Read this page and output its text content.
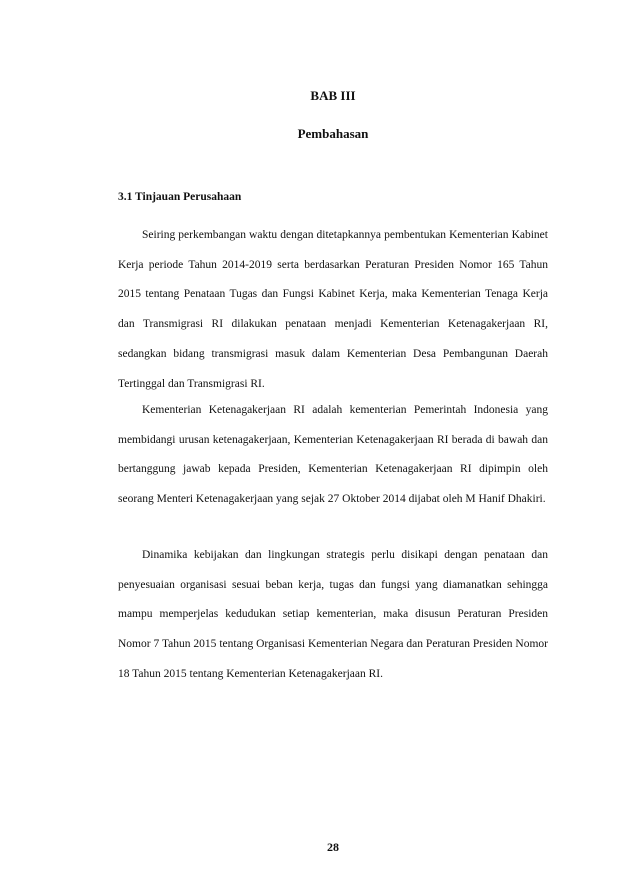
BAB III
Pembahasan
3.1 Tinjauan Perusahaan

Seiring perkembangan waktu dengan ditetapkannya pembentukan Kementerian Kabinet Kerja periode Tahun 2014-2019 serta berdasarkan Peraturan Presiden Nomor 165 Tahun 2015 tentang Penataan Tugas dan Fungsi Kabinet Kerja, maka Kementerian Tenaga Kerja dan Transmigrasi RI dilakukan penataan menjadi Kementerian Ketenagakerjaan RI, sedangkan bidang transmigrasi masuk dalam Kementerian Desa Pembangunan Daerah Tertinggal dan Transmigrasi RI.

Kementerian Ketenagakerjaan RI adalah kementerian Pemerintah Indonesia yang membidangi urusan ketenagakerjaan, Kementerian Ketenagakerjaan RI berada di bawah dan bertanggung jawab kepada Presiden, Kementerian Ketenagakerjaan RI dipimpin oleh seorang Menteri Ketenagakerjaan yang sejak 27 Oktober 2014 dijabat oleh M Hanif Dhakiri.

Dinamika kebijakan dan lingkungan strategis perlu disikapi dengan penataan dan penyesuaian organisasi sesuai beban kerja, tugas dan fungsi yang diamanatkan sehingga mampu memperjelas kedudukan setiap kementerian, maka disusun Peraturan Presiden Nomor 7 Tahun 2015 tentang Organisasi Kementerian Negara dan Peraturan Presiden Nomor 18 Tahun 2015 tentang Kementerian Ketenagakerjaan RI.

28
